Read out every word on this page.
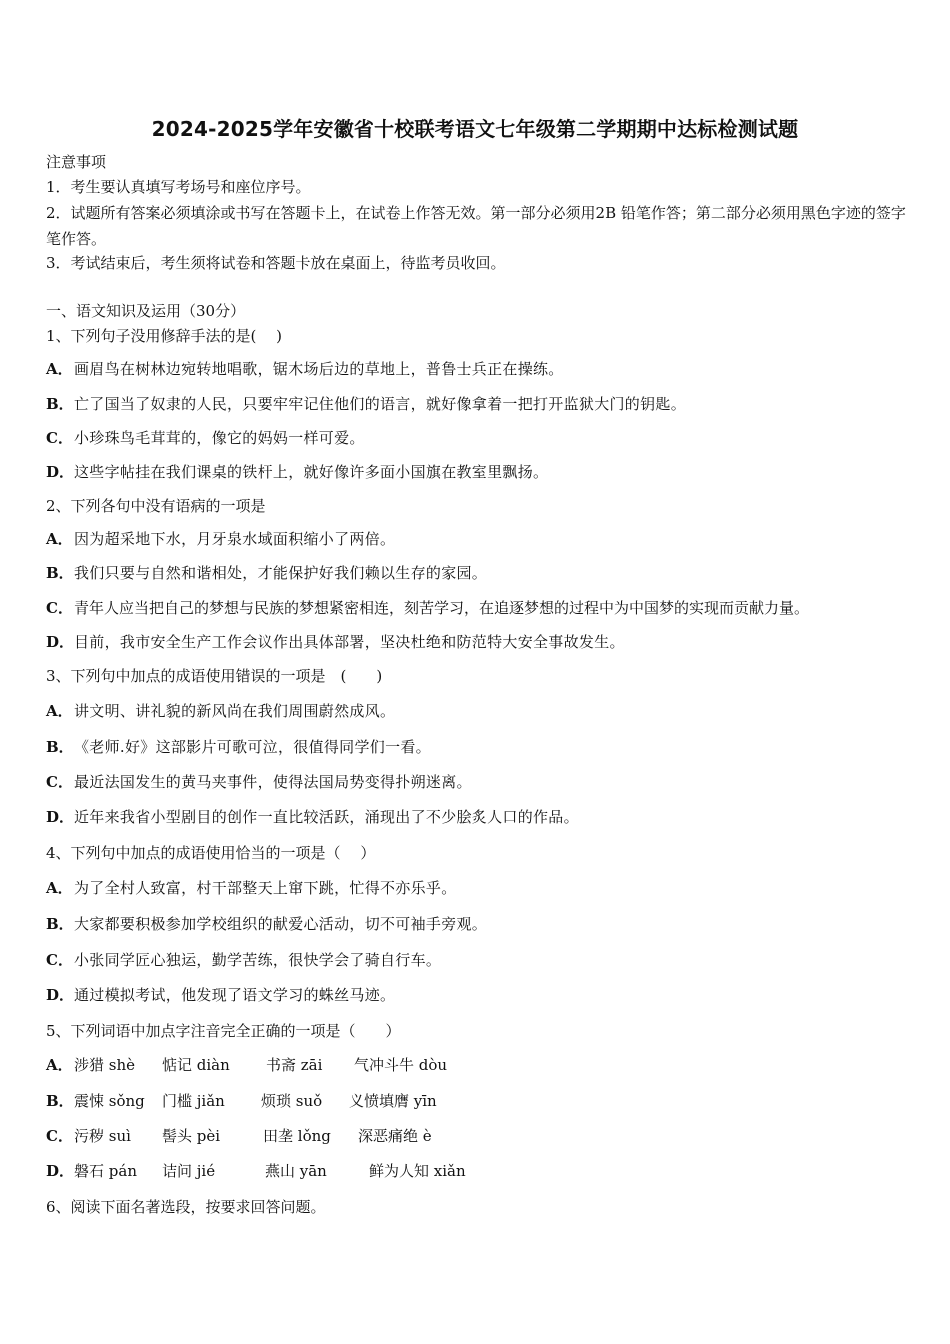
2024-2025学年安徽省十校联考语文七年级第二学期期中达标检测试题
注意事项
1．考生要认真填写考场号和座位序号。
2．试题所有答案必须填涂或书写在答题卡上，在试卷上作答无效。第一部分必须用2B 铅笔作答；第二部分必须用黑色字迹的签字笔作答。
3．考试结束后，考生须将试卷和答题卡放在桌面上，待监考员收回。
一、语文知识及运用（30分）
1、下列句子没用修辞手法的是(　 )
A．画眉鸟在树林边宛转地唱歌，锯木场后边的草地上，普鲁士兵正在操练。
B．亡了国当了奴隶的人民，只要牢牢记住他们的语言，就好像拿着一把打开监狱大门的钥匙。
C．小珍珠鸟毛茸茸的，像它的妈妈一样可爱。
D．这些字帖挂在我们课桌的铁杆上，就好像许多面小国旗在教室里飘扬。
2、下列各句中没有语病的一项是
A．因为超采地下水，月牙泉水域面积缩小了两倍。
B．我们只要与自然和谐相处，才能保护好我们赖以生存的家园。
C．青年人应当把自己的梦想与民族的梦想紧密相连，刻苦学习，在追逐梦想的过程中为中国梦的实现而贡献力量。
D．目前，我市安全生产工作会议作出具体部署，坚决杜绝和防范特大安全事故发生。
3、下列句中加点的成语使用错误的一项是　(　　)
A．讲文明、讲礼貌的新风尚在我们周围蔚然成风。
B．《老师.好》这部影片可歌可泣，很值得同学们一看。
C．最近法国发生的黄马夹事件，使得法国局势变得扑朔迷离。
D．近年来我省小型剧目的创作一直比较活跃，涌现出了不少脍炙人口的作品。
4、下列句中加点的成语使用恰当的一项是（　 ）
A．为了全村人致富，村干部整天上窜下跳，忙得不亦乐乎。
B．大家都要积极参加学校组织的献爱心活动，切不可袖手旁观。
C．小张同学匠心独运，勤学苦练，很快学会了骑自行车。
D．通过模拟考试，他发现了语文学习的蛛丝马迹。
5、下列词语中加点字注音完全正确的一项是（　　）
A．涉猎 shè 惦记 diàn 书斋 zāi 气冲斗牛 dòu
B．震悚 sǒng 门槛 jiǎn 烦琐 suǒ 义愤填膺 yīn
C．污秽 suì 髻头 pèi	田垄 lǒng 深恶痛绝 è
D．磐石 pán 诘问 jié	燕山 yān	鲜为人知 xiǎn
6、阅读下面名著选段，按要求回答问题。
